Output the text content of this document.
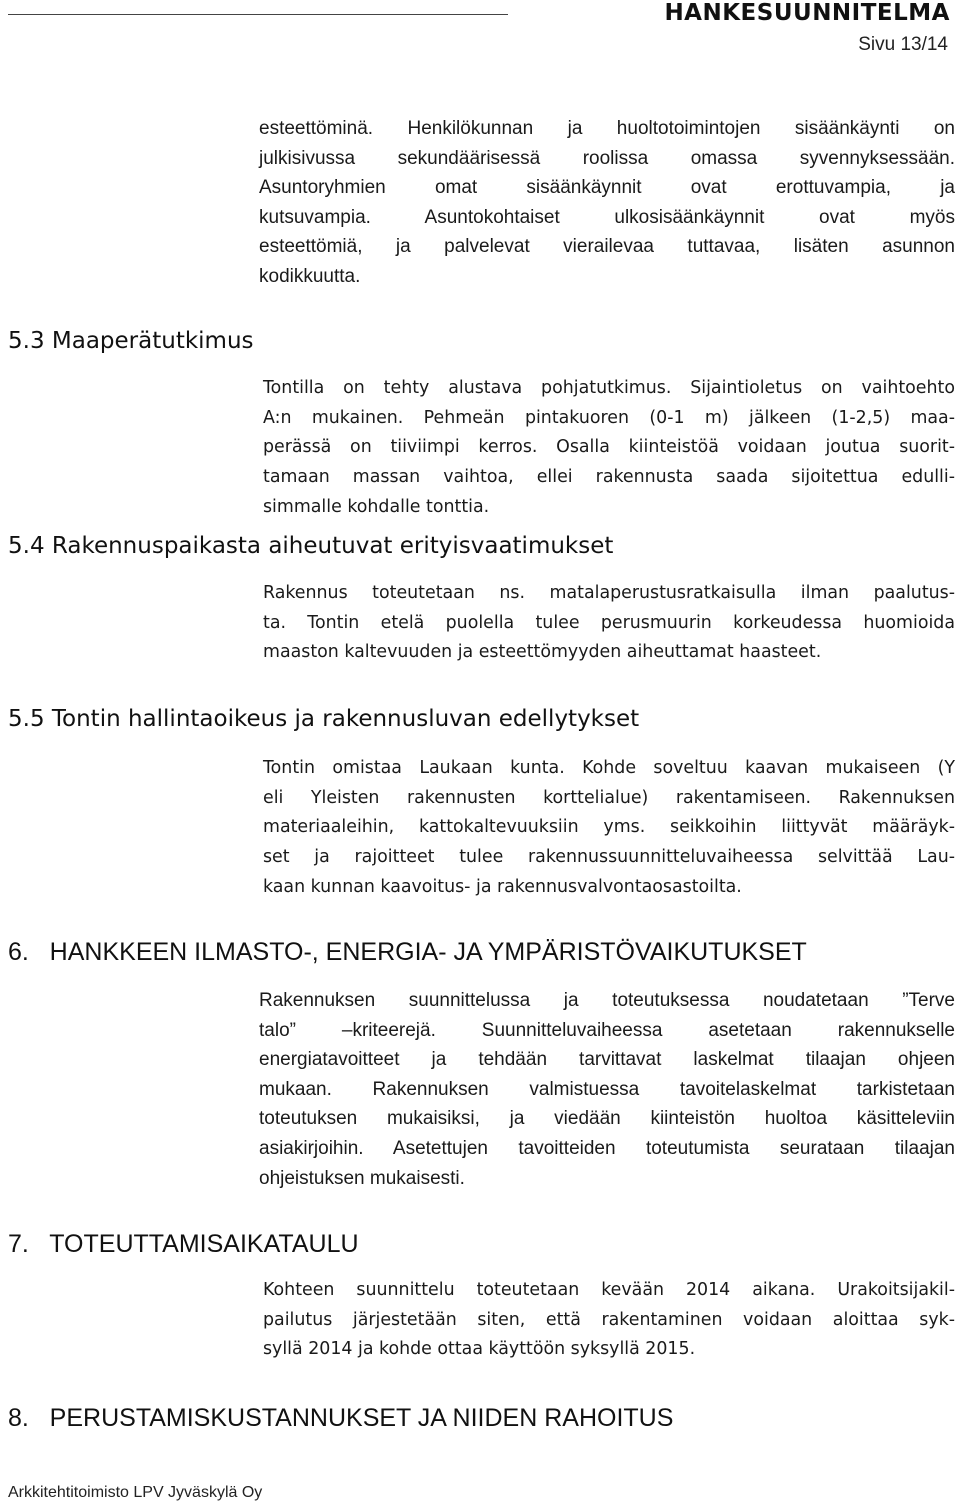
HANKESUUNNITELMA
Sivu 13/14
esteettöminä. Henkilökunnan ja huoltotoimintojen sisäänkäynti on
julkisivussa sekundäärisessä roolissa omassa syvennyksessään.
Asuntoryhmien omat sisäänkäynnit ovat erottuvampia, ja
kutsuvampia. Asuntokohtaiset ulkosisäänkäynnit ovat myös
esteettömiä, ja palvelevat vierailevaa tuttavaa, lisäten asunnon
kodikkuutta.
5.3 Maaperätutkimus
Tontilla on tehty alustava pohjatutkimus. Sijaintioletus on vaihtoehto
A:n mukainen. Pehmeän pintakuoren (0-1 m) jälkeen (1-2,5) maa-
perässä on tiiviimpi kerros. Osalla kiinteistöä voidaan joutua suorit-
tamaan massan vaihtoa, ellei rakennusta saada sijoitettua edulli-
simmalle kohdalle tonttia.
5.4 Rakennuspaikasta aiheutuvat erityisvaatimukset
Rakennus toteutetaan ns. matalaperustusratkaisulla ilman paalutus-
ta. Tontin etelä puolella tulee perusmuurin korkeudessa huomioida
maaston kaltevuuden ja esteettömyyden aiheuttamat haasteet.
5.5 Tontin hallintaoikeus ja rakennusluvan edellytykset
Tontin omistaa Laukaan kunta. Kohde soveltuu kaavan mukaiseen (Y
eli Yleisten rakennusten korttelialue) rakentamiseen. Rakennuksen
materiaaleihin, kattokaltevuuksiin yms. seikkoihin liittyvät määräyk-
set ja rajoitteet tulee rakennussuunnitteluvaiheessa selvittää Lau-
kaan kunnan kaavoitus- ja rakennusvalvontaosastoilta.
6.   HANKKEEN ILMASTO-, ENERGIA- JA YMPÄRISTÖVAIKUTUKSET
Rakennuksen suunnittelussa ja toteutuksessa noudatetaan ”Terve
talo” –kriteerejä. Suunnitteluvaiheessa asetetaan rakennukselle
energiatavoitteet ja tehdään tarvittavat laskelmat tilaajan ohjeen
mukaan. Rakennuksen valmistuessa tavoitelaskelmat tarkistetaan
toteutuksen mukaisiksi, ja viedään kiinteistön huoltoa käsitteleviin
asiakirjoihin. Asetettujen tavoitteiden toteutumista seurataan tilaajan
ohjeistuksen mukaisesti.
7.   TOTEUTTAMISAIKATAULU
Kohteen suunnittelu toteutetaan kevään 2014 aikana. Urakoitsijakil-
pailutus järjestetään siten, että rakentaminen voidaan aloittaa syk-
syllä 2014 ja kohde ottaa käyttöön syksyllä 2015.
8.   PERUSTAMISKUSTANNUKSET JA NIIDEN RAHOITUS
Arkkitehtitoimisto LPV Jyväskylä Oy
